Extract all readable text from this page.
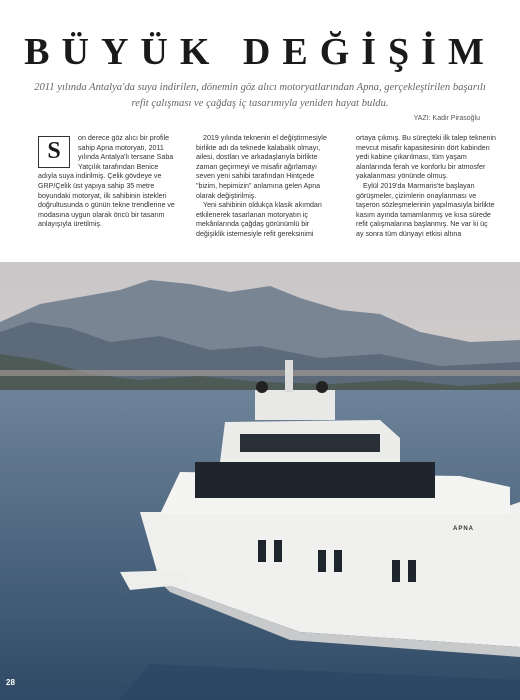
BÜYÜK DEĞİŞİM
2011 yılında Antalya'da suya indirilen, dönemin göz alıcı motoryatlarından Apna, gerçekleştirilen başarılı refit çalışması ve çağdaş iç tasarımıyla yeniden hayat buldu.
YAZI: Kadir Pirasoğlu
S	on derece göz alıcı bir profile sahip Apna motoryatı, 2011 yılında Antalya'lı tersane Saba Yatçılık tarafından Benice adıyla suya indirilmiş. Çelik gövdeye ve GRP/Çelik üst yapıya sahip 35 metre boyundaki motoryat, ilk sahibinin istekleri doğrultusunda o günün tekne trendlerine ve modasına uygun olarak öncü bir tasarım anlayışıyla üretilmiş.

2019 yılında teknenin el değiştirmesiyle birlikte adı da teknede kalabalık olmayı, ailesi, dostları ve arkadaşlarıyla birlikte zaman geçirmeyi ve misafir ağırlamayı seven yeni sahibi tarafından Hintçede "bizim, hepimizin" anlamına gelen Apna olarak değiştirilmiş.

Yeni sahibinin oldukça klasik akımdan etkilenerek tasarlanan motoryatın iç mekânlarında çağdaş görünümlü bir değişiklik istemesiyle refit gereksinimi

ortaya çıkmış. Bu süreçteki ilk talep teknenin mevcut misafir kapasitesinin dört kabinden yedi kabine çıkarılması, tüm yaşam alanlarında ferah ve konforlu bir atmosfer yakalanması yönünde olmuş.

Eylül 2019'da Marmaris'te başlayan görüşmeler, çizimlerin onaylanması ve taşeron sözleşmelerinin yapılmasıyla birlikte kasım ayında tamamlanmış ve kısa sürede refit çalışmalarına başlanmış. Ne var ki üç ay sonra tüm dünyayı etkisi altına

APNA
28
